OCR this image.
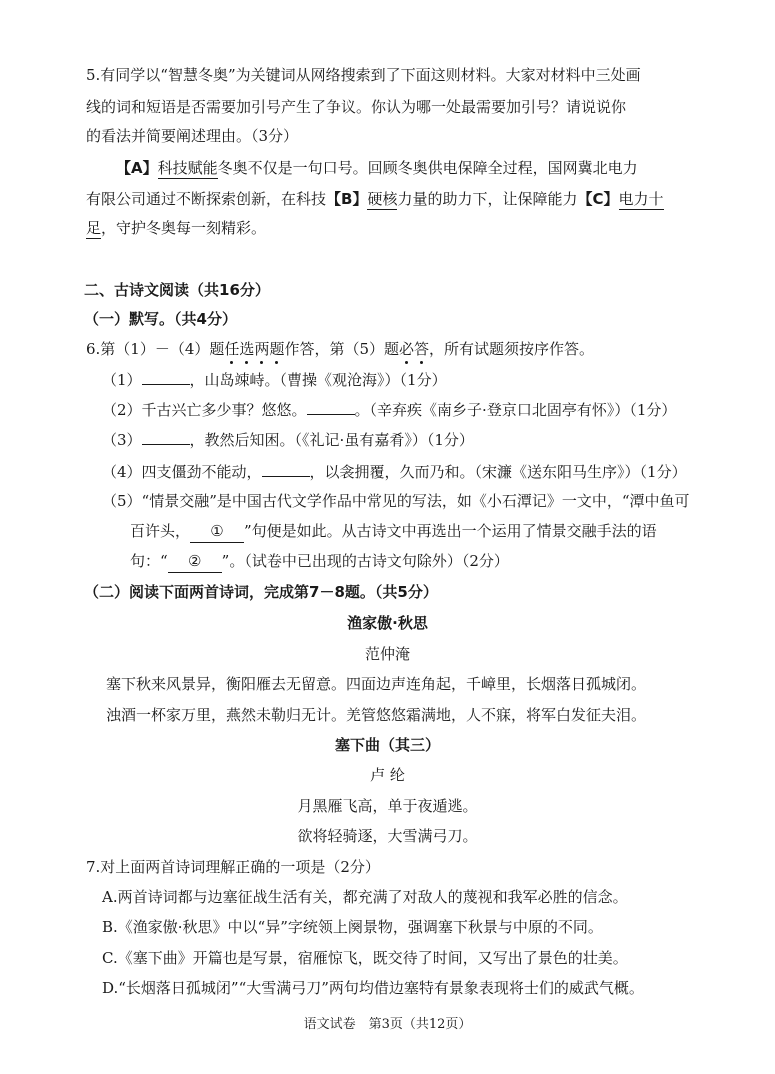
5.有同学以“智慧冬奥”为关键词从网络搜索到了下面这则材料。大家对材料中三处画
线的词和短语是否需要加引号产生了争议。你认为哪一处最需要加引号？请说说你
的看法并简要阐述理由。（3分）
【A】科技赋能冬奥不仅是一句口号。回顾冬奥供电保障全过程，国网冀北电力
有限公司通过不断探索创新，在科技【B】硬核力量的助力下，让保障能力【C】电力十
足，守护冬奥每一刻精彩。
二、古诗文阅读（共16分）
（一）默写。（共4分）
6.第（1）－（4）题任选两题作答，第（5）题必答，所有试题须按序作答。
（1）	，山岛竦峙。（曹操《观沧海》）（1分）
（2）千古兴亡多少事？悠悠。	。（辛弃疾《南乡子·登京口北固亭有怀》）（1分）
（3）	，教然后知困。（《礼记·虽有嘉肴》）（1分）
（4）四支僵劲不能动，	，以衾拥覆，久而乃和。（宋濂《送东阳马生序》）（1分）
（5）“情景交融”是中国古代文学作品中常见的写法，如《小石潭记》一文中，“潭中鱼可
百许头， ① ”句便是如此。从古诗文中再选出一个运用了情景交融手法的语
句：“ ② ”。（试卷中已出现的古诗文句除外）（2分）
（二）阅读下面两首诗词，完成第7－8题。（共5分）
渔家傲·秋思
范仲淹
塞下秋来风景异，衡阳雁去无留意。四面边声连角起，千嶂里，长烟落日孤城闭。
浊酒一杯家万里，燕然未勒归无计。羌管悠悠霜满地，人不寐，将军白发征夫泪。
塞下曲（其三）
卢 纶
月黑雁飞高，单于夜遁逃。
欲将轻骑逐，大雪满弓刀。
7.对上面两首诗词理解正确的一项是（2分）
A.两首诗词都与边塞征战生活有关，都充满了对敌人的蔑视和我军必胜的信念。
B.《渔家傲·秋思》中以“异”字统领上阕景物，强调塞下秋景与中原的不同。
C.《塞下曲》开篇也是写景，宿雁惊飞，既交待了时间，又写出了景色的壮美。
D.“长烟落日孤城闭”“大雪满弓刀”两句均借边塞特有景象表现将士们的威武气概。
语文试卷　第3页（共12页）
